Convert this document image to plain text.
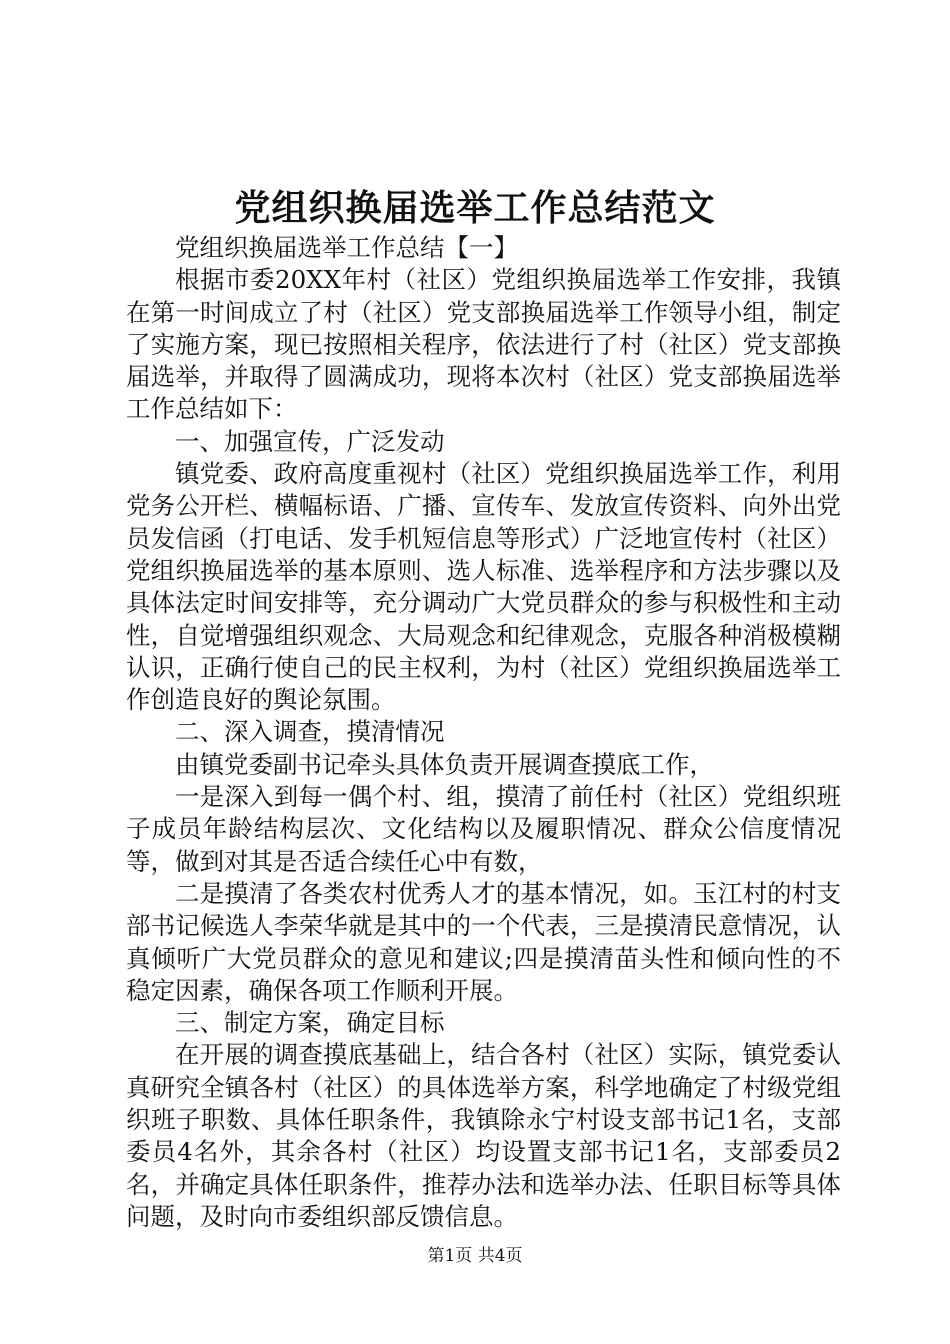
党组织换届选举工作总结范文

党组织换届选举工作总结【一】

根据市委20XX年村（社区）党组织换届选举工作安排，我镇在第一时间成立了村（社区）党支部换届选举工作领导小组，制定了实施方案，现已按照相关程序，依法进行了村（社区）党支部换届选举，并取得了圆满成功，现将本次村（社区）党支部换届选举工作总结如下：

一、加强宣传，广泛发动

镇党委、政府高度重视村（社区）党组织换届选举工作，利用党务公开栏、横幅标语、广播、宣传车、发放宣传资料、向外出党员发信函（打电话、发手机短信息等形式）广泛地宣传村（社区）党组织换届选举的基本原则、选人标准、选举程序和方法步骤以及具体法定时间安排等，充分调动广大党员群众的参与积极性和主动性，自觉增强组织观念、大局观念和纪律观念，克服各种消极模糊认识，正确行使自己的民主权利，为村（社区）党组织换届选举工作创造良好的舆论氛围。

二、深入调查，摸清情况

由镇党委副书记牵头具体负责开展调查摸底工作，

一是深入到每一偶个村、组，摸清了前任村（社区）党组织班子成员年龄结构层次、文化结构以及履职情况、群众公信度情况等，做到对其是否适合续任心中有数，

二是摸清了各类农村优秀人才的基本情况，如。玉江村的村支部书记候选人李荣华就是其中的一个代表，三是摸清民意情况，认真倾听广大党员群众的意见和建议;四是摸清苗头性和倾向性的不稳定因素，确保各项工作顺利开展。

三、制定方案，确定目标

在开展的调查摸底基础上，结合各村（社区）实际，镇党委认真研究全镇各村（社区）的具体选举方案，科学地确定了村级党组织班子职数、具体任职条件，我镇除永宁村设支部书记1名，支部委员4名外，其余各村（社区）均设置支部书记1名，支部委员2名，并确定具体任职条件，推荐办法和选举办法、任职目标等具体问题，及时向市委组织部反馈信息。

第1页 共4页
